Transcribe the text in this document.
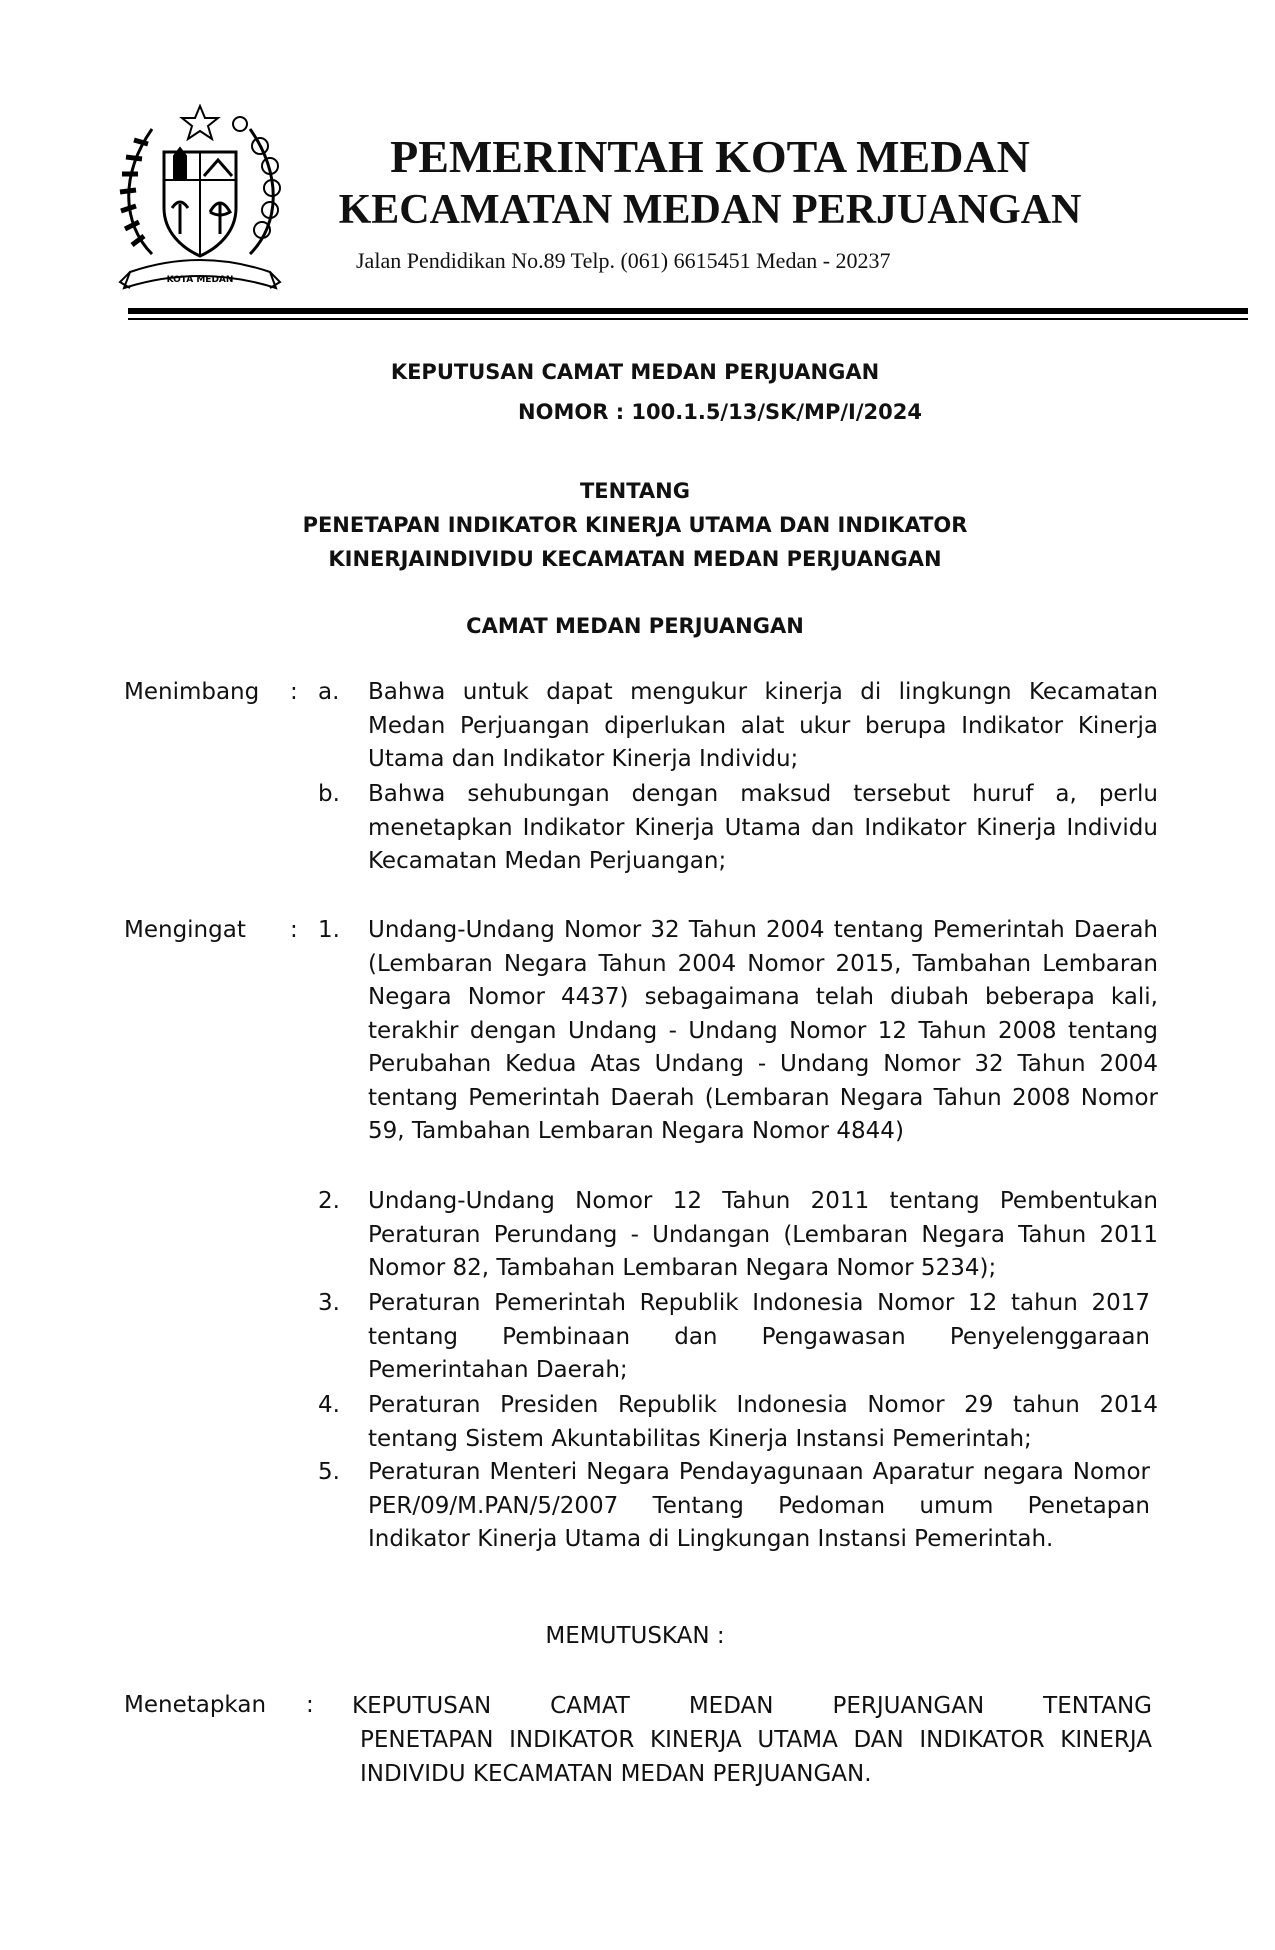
KOTA MEDAN
PEMERINTAH KOTA MEDAN
KECAMATAN MEDAN PERJUANGAN
Jalan Pendidikan No.89 Telp. (061) 6615451 Medan - 20237
KEPUTUSAN CAMAT MEDAN PERJUANGAN
NOMOR : 100.1.5/13/SK/MP/I/2024
TENTANG
PENETAPAN INDIKATOR KINERJA UTAMA DAN INDIKATOR
KINERJAINDIVIDU KECAMATAN MEDAN PERJUANGAN
CAMAT MEDAN PERJUANGAN
Menimbang : a.	Bahwa untuk dapat mengukur kinerja di lingkungn Kecamatan Medan Perjuangan diperlukan alat ukur berupa Indikator Kinerja Utama dan Indikator Kinerja Individu;
b.	Bahwa sehubungan dengan maksud tersebut huruf a, perlu menetapkan Indikator Kinerja Utama dan Indikator Kinerja Individu Kecamatan Medan Perjuangan;
Mengingat : 1.	Undang-Undang Nomor 32 Tahun 2004 tentang Pemerintah Daerah (Lembaran Negara Tahun 2004 Nomor 2015, Tambahan Lembaran Negara Nomor 4437) sebagaimana telah diubah beberapa kali, terakhir dengan Undang - Undang Nomor 12 Tahun 2008 tentang Perubahan Kedua Atas Undang - Undang Nomor 32 Tahun 2004 tentang Pemerintah Daerah (Lembaran Negara Tahun 2008 Nomor 59, Tambahan Lembaran Negara Nomor 4844)
2.	Undang-Undang Nomor 12 Tahun 2011 tentang Pembentukan Peraturan Perundang - Undangan (Lembaran Negara Tahun 2011 Nomor 82, Tambahan Lembaran Negara Nomor 5234);
3.	Peraturan Pemerintah Republik Indonesia Nomor 12 tahun 2017 tentang Pembinaan dan Pengawasan Penyelenggaraan Pemerintahan Daerah;
4.	Peraturan Presiden Republik Indonesia Nomor 29 tahun 2014 tentang Sistem Akuntabilitas Kinerja Instansi Pemerintah;
5.	Peraturan Menteri Negara Pendayagunaan Aparatur negara Nomor PER/09/M.PAN/5/2007 Tentang Pedoman umum Penetapan Indikator Kinerja Utama di Lingkungan Instansi Pemerintah.
MEMUTUSKAN :
Menetapkan : KEPUTUSAN CAMAT MEDAN PERJUANGAN TENTANG
PENETAPAN INDIKATOR KINERJA UTAMA DAN INDIKATOR KINERJA INDIVIDU KECAMATAN MEDAN PERJUANGAN.
